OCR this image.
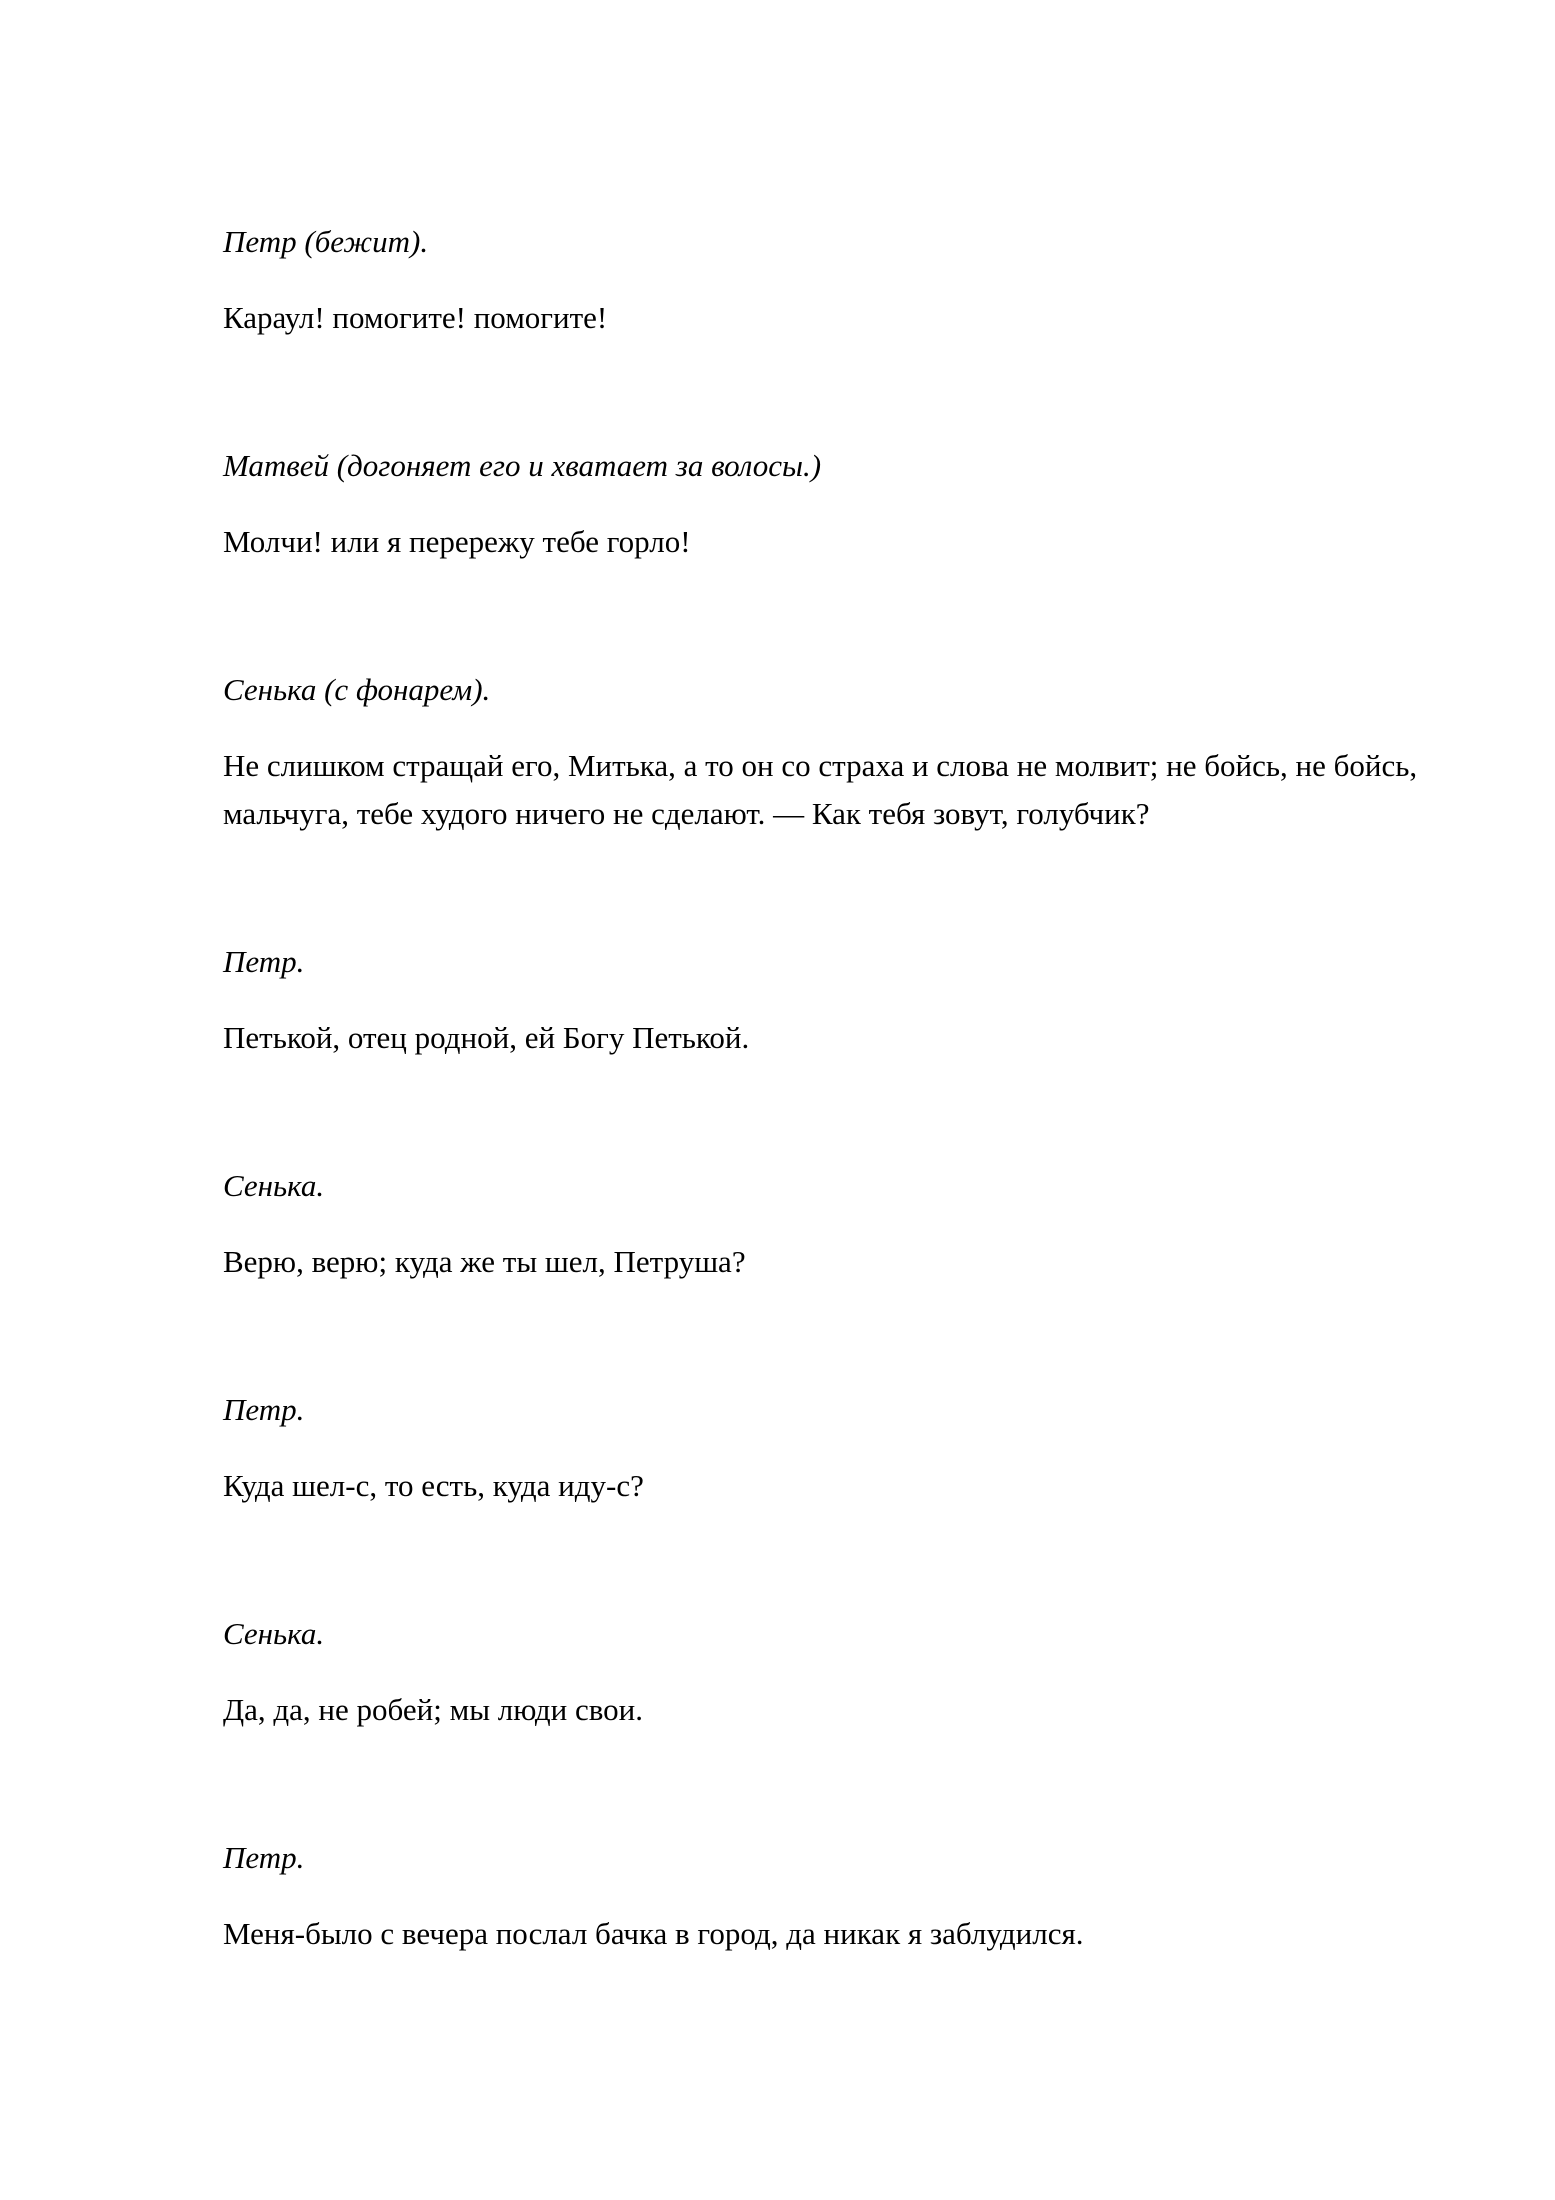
Петр (бежит).

Караул! помогите! помогите!

Матвей (догоняет его и хватает за волосы.)

Молчи! или я перережу тебе горло!

Сенька (с фонарем).

Не слишком стращай его, Митька, а то он со страха и слова не молвит; не бойсь, не бойсь, мальчуга, тебе худого ничего не сделают. — Как тебя зовут, голубчик?

Петр.

Петькой, отец родной, ей Богу Петькой.

Сенька.

Верю, верю; куда же ты шел, Петруша?

Петр.

Куда шел-с, то есть, куда иду-с?

Сенька.

Да, да, не робей; мы люди свои.

Петр.

Меня-было с вечера послал бачка в город, да никак я заблудился.
